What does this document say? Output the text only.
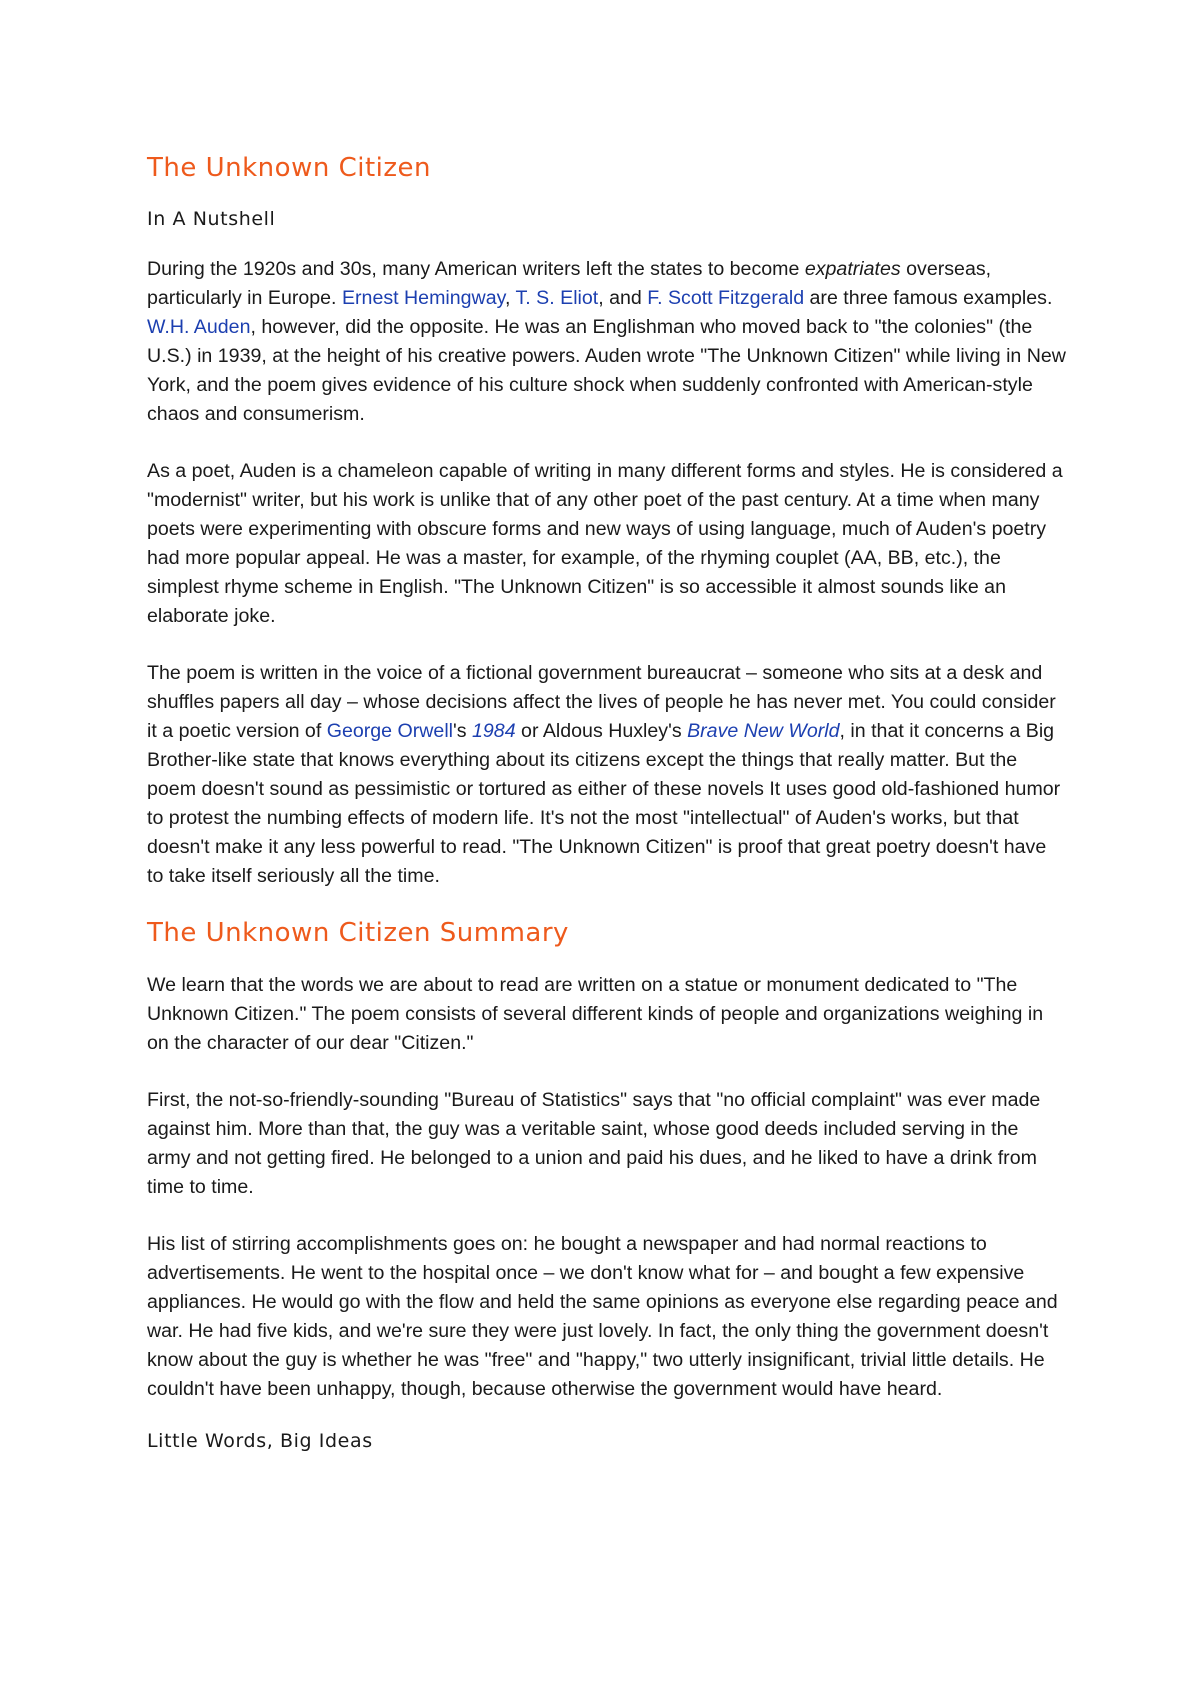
The Unknown Citizen
In A Nutshell

During the 1920s and 30s, many American writers left the states to become expatriates overseas, particularly in Europe. Ernest Hemingway, T. S. Eliot, and F. Scott Fitzgerald are three famous examples. W.H. Auden, however, did the opposite. He was an Englishman who moved back to "the colonies" (the U.S.) in 1939, at the height of his creative powers. Auden wrote "The Unknown Citizen" while living in New York, and the poem gives evidence of his culture shock when suddenly confronted with American-style chaos and consumerism.

As a poet, Auden is a chameleon capable of writing in many different forms and styles. He is considered a "modernist" writer, but his work is unlike that of any other poet of the past century. At a time when many poets were experimenting with obscure forms and new ways of using language, much of Auden's poetry had more popular appeal. He was a master, for example, of the rhyming couplet (AA, BB, etc.), the simplest rhyme scheme in English. "The Unknown Citizen" is so accessible it almost sounds like an elaborate joke.

The poem is written in the voice of a fictional government bureaucrat – someone who sits at a desk and shuffles papers all day – whose decisions affect the lives of people he has never met. You could consider it a poetic version of George Orwell's 1984 or Aldous Huxley's Brave New World, in that it concerns a Big Brother-like state that knows everything about its citizens except the things that really matter. But the poem doesn't sound as pessimistic or tortured as either of these novels It uses good old-fashioned humor to protest the numbing effects of modern life. It's not the most "intellectual" of Auden's works, but that doesn't make it any less powerful to read. "The Unknown Citizen" is proof that great poetry doesn't have to take itself seriously all the time.

The Unknown Citizen Summary

We learn that the words we are about to read are written on a statue or monument dedicated to "The Unknown Citizen." The poem consists of several different kinds of people and organizations weighing in on the character of our dear "Citizen."

First, the not-so-friendly-sounding "Bureau of Statistics" says that "no official complaint" was ever made against him. More than that, the guy was a veritable saint, whose good deeds included serving in the army and not getting fired. He belonged to a union and paid his dues, and he liked to have a drink from time to time.

His list of stirring accomplishments goes on: he bought a newspaper and had normal reactions to advertisements. He went to the hospital once – we don't know what for – and bought a few expensive appliances. He would go with the flow and held the same opinions as everyone else regarding peace and war. He had five kids, and we're sure they were just lovely. In fact, the only thing the government doesn't know about the guy is whether he was "free" and "happy," two utterly insignificant, trivial little details. He couldn't have been unhappy, though, because otherwise the government would have heard.

Little Words, Big Ideas
